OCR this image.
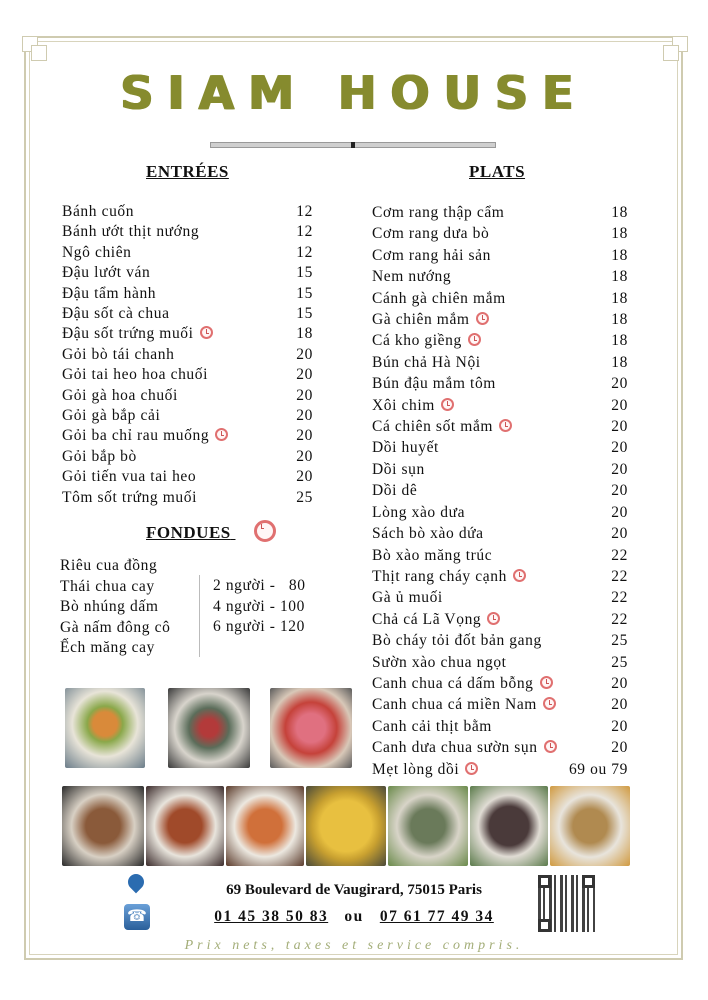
SIAM HOUSE
ENTRÉES
Bánh cuốn	12
Bánh ướt thịt nướng	12
Ngô chiên	12
Đậu lướt ván	15
Đậu tẩm hành	15
Đậu sốt cà chua	15
Đậu sốt trứng muối	18
Gỏi bò tái chanh	20
Gỏi tai heo hoa chuối	20
Gỏi gà hoa chuối	20
Gỏi gà bắp cải	20
Gỏi ba chỉ rau muống	20
Gỏi bắp bò	20
Gỏi tiến vua tai heo	20
Tôm sốt trứng muối	25
FONDUES
Riêu cua đồng
Thái chua cay
Bò nhúng dấm
Gà nấm đông cô
Ếch măng cay
2 người -   80
4 người - 100
6 người - 120
PLATS
Cơm rang thập cẩm	18
Cơm rang dưa bò	18
Cơm rang hải sản	18
Nem nướng	18
Cánh gà chiên mắm	18
Gà chiên mắm	18
Cá kho giềng	18
Bún chả Hà Nội	18
Bún đậu mắm tôm	20
Xôi chim	20
Cá chiên sốt mắm	20
Dồi huyết	20
Dồi sụn	20
Dồi dê	20
Lòng xào dưa	20
Sách bò xào dứa	20
Bò xào măng trúc	22
Thịt rang cháy cạnh	22
Gà ủ muối	22
Chả cá Lã Vọng	22
Bò cháy tỏi đốt bản gang	25
Sườn xào chua ngọt	25
Canh chua cá dấm bỗng	20
Canh chua cá miền Nam	20
Canh cải thịt bằm	20
Canh dưa chua sườn sụn	20
Mẹt lòng dồi	69 ou 79
☎
69 Boulevard de Vaugirard, 75015 Paris
01 45 38 50 83 ou 07 61 77 49 34
Prix nets, taxes et service compris.
